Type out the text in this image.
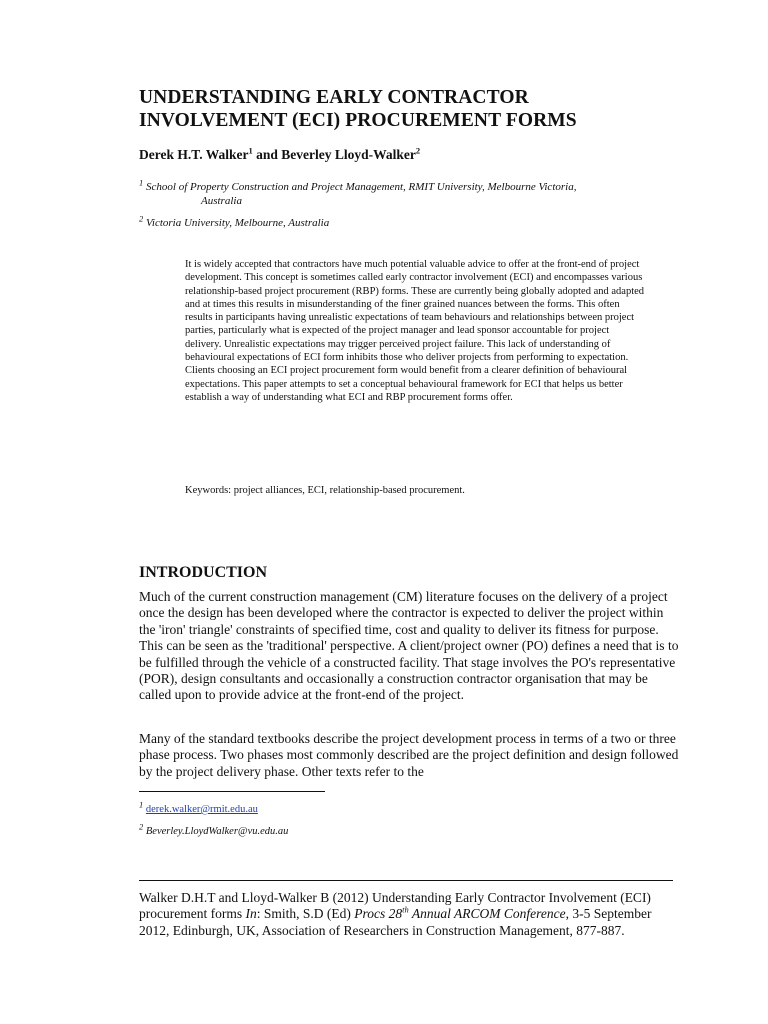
UNDERSTANDING EARLY CONTRACTOR
INVOLVEMENT (ECI) PROCUREMENT FORMS
Derek H.T. Walker$^1$ and Beverley Lloyd-Walker$^2$
$^1$ School of Property Construction and Project Management, RMIT University, Melbourne Victoria,
Australia
$^2$ Victoria University, Melbourne, Australia

It is widely accepted that contractors have much potential valuable advice to offer at the front-end of project development. This concept is sometimes called early contractor involvement (ECI) and encompasses various relationship-based project procurement (RBP) forms. These are currently being globally adopted and adapted and at times this results in misunderstanding of the finer grained nuances between the forms. This often results in participants having unrealistic expectations of team behaviours and relationships between project parties, particularly what is expected of the project manager and lead sponsor accountable for project delivery. Unrealistic expectations may trigger perceived project failure. This lack of understanding of behavioural expectations of ECI form inhibits those who deliver projects from performing to expectation. Clients choosing an ECI project procurement form would benefit from a clearer definition of behavioural expectations. This paper attempts to set a conceptual behavioural framework for ECI that helps us better establish a way of understanding what ECI and RBP procurement forms offer.

Keywords: project alliances, ECI, relationship-based procurement.
INTRODUCTION

Much of the current construction management (CM) literature focuses on the delivery of a project once the design has been developed where the contractor is expected to deliver the project within the 'iron' triangle' constraints of specified time, cost and quality to deliver its fitness for purpose. This can be seen as the 'traditional' perspective. A client/project owner (PO) defines a need that is to be fulfilled through the vehicle of a constructed facility. That stage involves the PO's representative (POR), design consultants and occasionally a construction contractor organisation that may be called upon to provide advice at the front-end of the project.

Many of the standard textbooks describe the project development process in terms of a two or three phase process. Two phases most commonly described are the project definition and design followed by the project delivery phase. Other texts refer to the

$^1$ derek.walker@rmit.edu.au
$^2$ Beverley.LloydWalker@vu.edu.au

Walker D.H.T and Lloyd-Walker B (2012) Understanding Early Contractor Involvement (ECI) procurement forms In: Smith, S.D (Ed) Procs 28th Annual ARCOM Conference, 3-5 September 2012, Edinburgh, UK, Association of Researchers in Construction Management, 877-887.
